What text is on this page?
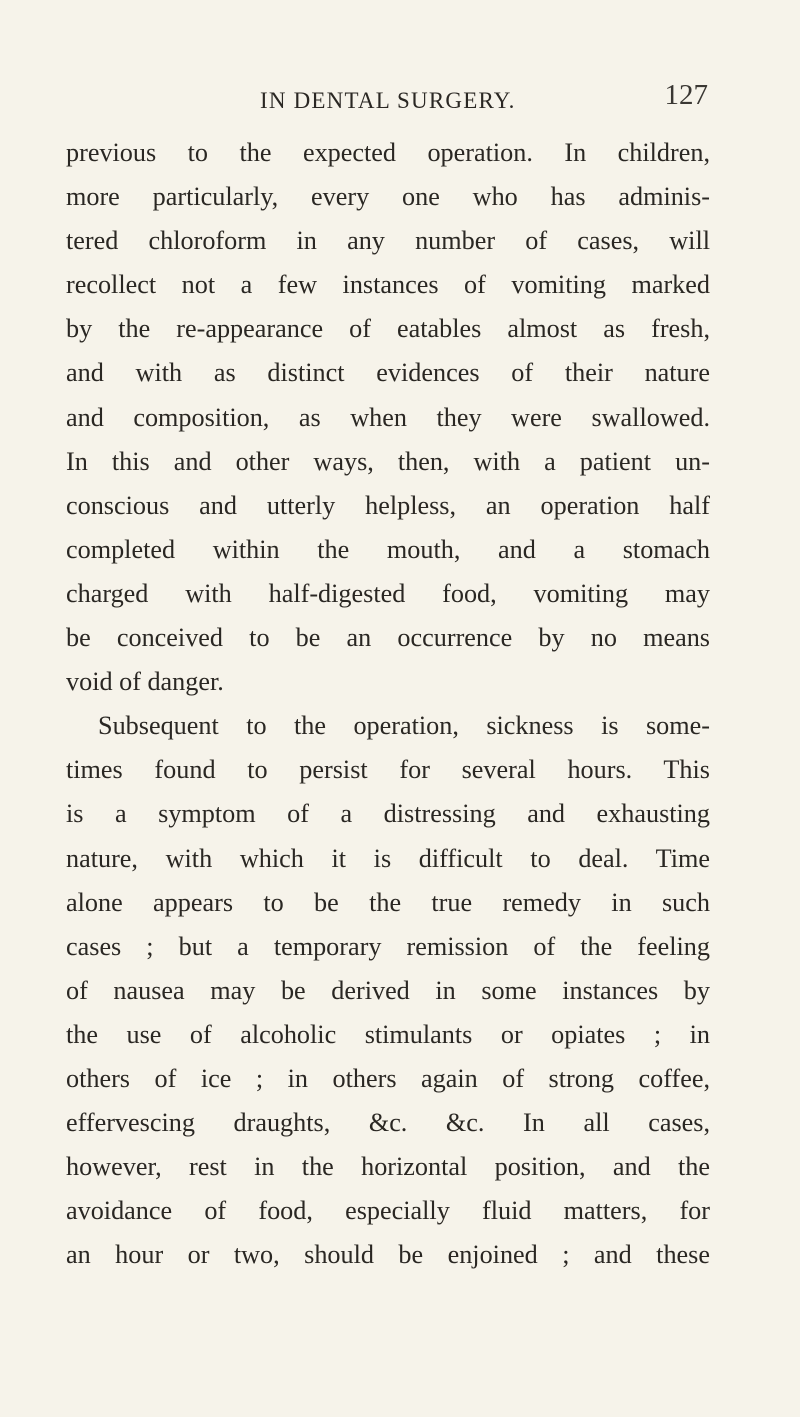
IN DENTAL SURGERY.	127
previous to the expected operation. In children,
more particularly, every one who has adminis-
tered chloroform in any number of cases, will
recollect not a few instances of vomiting marked
by the re-appearance of eatables almost as fresh,
and with as distinct evidences of their nature
and composition, as when they were swallowed.
In this and other ways, then, with a patient un-
conscious and utterly helpless, an operation half
completed within the mouth, and a stomach
charged with half-digested food, vomiting may
be conceived to be an occurrence by no means
void of danger.
Subsequent to the operation, sickness is some-
times found to persist for several hours. This
is a symptom of a distressing and exhausting
nature, with which it is difficult to deal. Time
alone appears to be the true remedy in such
cases ; but a temporary remission of the feeling
of nausea may be derived in some instances by
the use of alcoholic stimulants or opiates ; in
others of ice ; in others again of strong coffee,
effervescing draughts, &c. &c. In all cases,
however, rest in the horizontal position, and the
avoidance of food, especially fluid matters, for
an hour or two, should be enjoined ; and these
